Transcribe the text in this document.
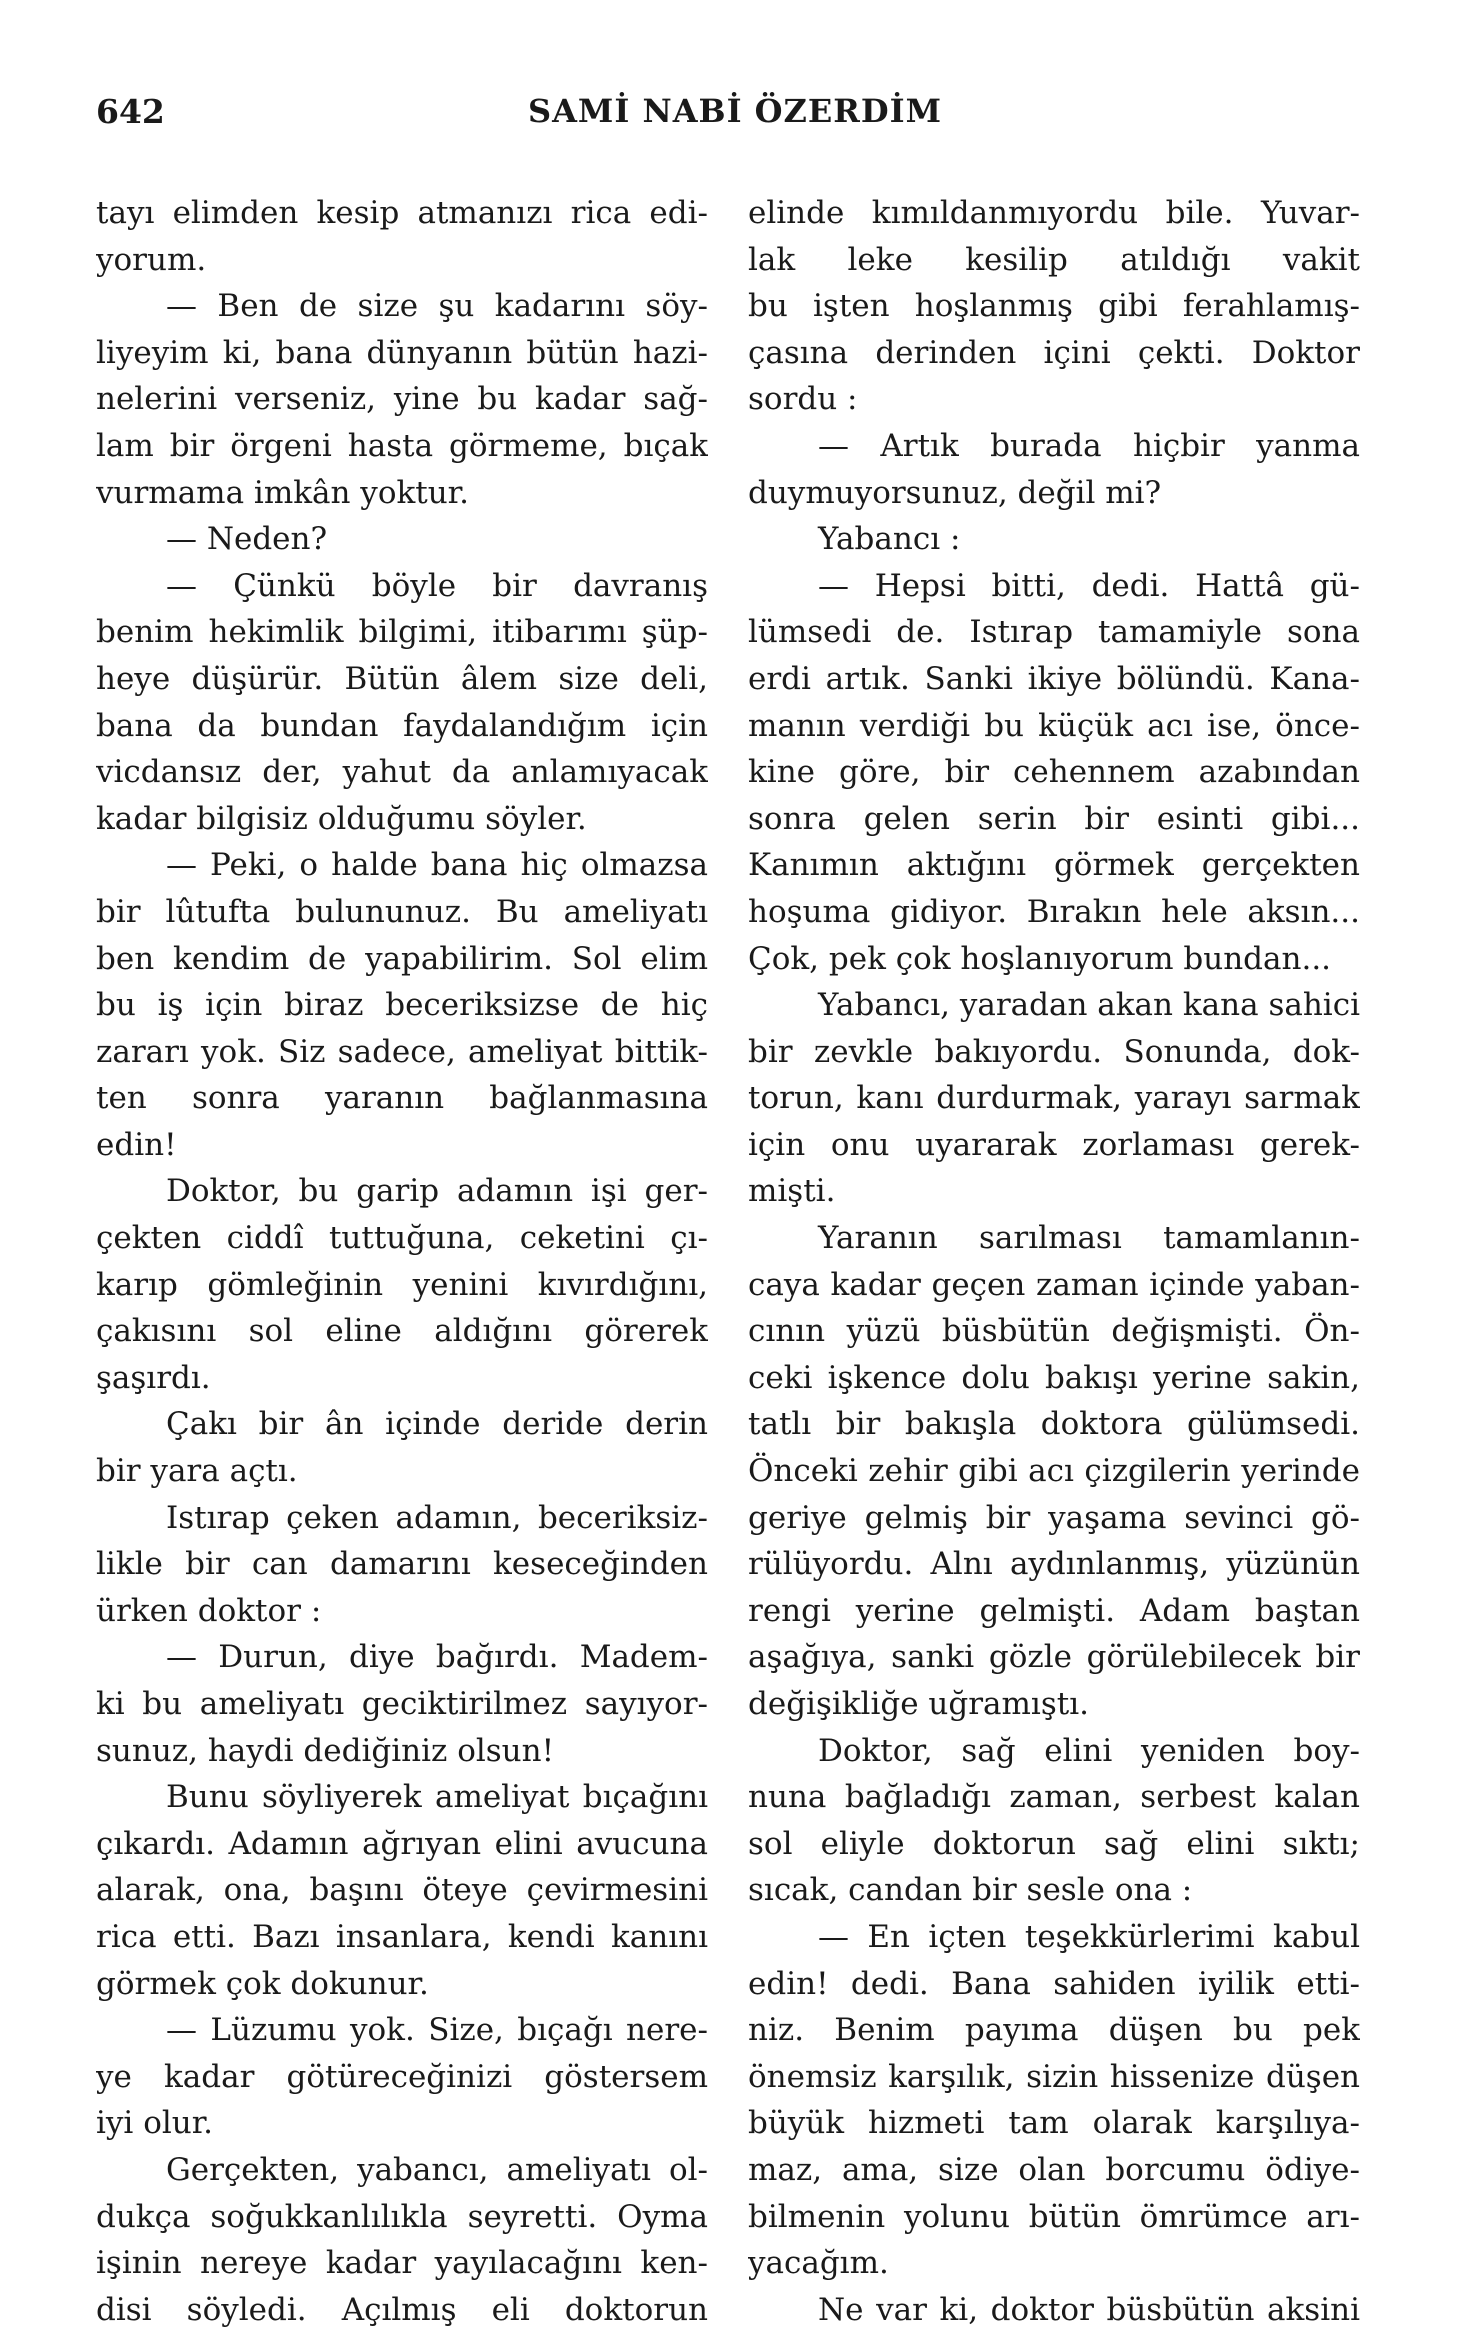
642	SAMİ NABİ ÖZERDİM
tayı elimden kesip atmanızı rica edi-
yorum.
— Ben de size şu kadarını söy-
liyeyim ki, bana dünyanın bütün hazi-
nelerini verseniz, yine bu kadar sağ-
lam bir örgeni hasta görmeme, bıçak
vurmama imkân yoktur.
— Neden?
— Çünkü böyle bir davranış
benim hekimlik bilgimi, itibarımı şüp-
heye düşürür. Bütün âlem size deli,
bana da bundan faydalandığım için
vicdansız der, yahut da anlamıyacak
kadar bilgisiz olduğumu söyler.
— Peki, o halde bana hiç olmazsa
bir lûtufta bulununuz. Bu ameliyatı
ben kendim de yapabilirim. Sol elim
bu iş için biraz beceriksizse de hiç
zararı yok. Siz sadece, ameliyat bittik-
ten sonra yaranın bağlanmasına
edin!
Doktor, bu garip adamın işi ger-
çekten ciddî tuttuğuna, ceketini çı-
karıp gömleğinin yenini kıvırdığını,
çakısını sol eline aldığını görerek
şaşırdı.
Çakı bir ân içinde deride derin
bir yara açtı.
Istırap çeken adamın, beceriksiz-
likle bir can damarını keseceğinden
ürken doktor :
— Durun, diye bağırdı. Madem-
ki bu ameliyatı geciktirilmez sayıyor-
sunuz, haydi dediğiniz olsun!
Bunu söyliyerek ameliyat bıçağını
çıkardı. Adamın ağrıyan elini avucuna
alarak, ona, başını öteye çevirmesini
rica etti. Bazı insanlara, kendi kanını
görmek çok dokunur.
— Lüzumu yok. Size, bıçağı nere-
ye kadar götüreceğinizi göstersem
iyi olur.
Gerçekten, yabancı, ameliyatı ol-
dukça soğukkanlılıkla seyretti. Oyma
işinin nereye kadar yayılacağını ken-
disi söyledi. Açılmış eli doktorun
elinde kımıldanmıyordu bile. Yuvar-
lak leke kesilip atıldığı vakit
bu işten hoşlanmış gibi ferahlamış-
çasına derinden içini çekti. Doktor
sordu :
— Artık burada hiçbir yanma
duymuyorsunuz, değil mi?
Yabancı :
— Hepsi bitti, dedi. Hattâ gü-
lümsedi de. Istırap tamamiyle sona
erdi artık. Sanki ikiye bölündü. Kana-
manın verdiği bu küçük acı ise, önce-
kine göre, bir cehennem azabından
sonra gelen serin bir esinti gibi...
Kanımın aktığını görmek gerçekten
hoşuma gidiyor. Bırakın hele aksın...
Çok, pek çok hoşlanıyorum bundan...
Yabancı, yaradan akan kana sahici
bir zevkle bakıyordu. Sonunda, dok-
torun, kanı durdurmak, yarayı sarmak
için onu uyararak zorlaması gerek-
mişti.
Yaranın sarılması tamamlanın-
caya kadar geçen zaman içinde yaban-
cının yüzü büsbütün değişmişti. Ön-
ceki işkence dolu bakışı yerine sakin,
tatlı bir bakışla doktora gülümsedi.
Önceki zehir gibi acı çizgilerin yerinde
geriye gelmiş bir yaşama sevinci gö-
rülüyordu. Alnı aydınlanmış, yüzünün
rengi yerine gelmişti. Adam baştan
aşağıya, sanki gözle görülebilecek bir
değişikliğe uğramıştı.
Doktor, sağ elini yeniden boy-
nuna bağladığı zaman, serbest kalan
sol eliyle doktorun sağ elini sıktı;
sıcak, candan bir sesle ona :
— En içten teşekkürlerimi kabul
edin! dedi. Bana sahiden iyilik etti-
niz. Benim payıma düşen bu pek
önemsiz karşılık, sizin hissenize düşen
büyük hizmeti tam olarak karşılıya-
maz, ama, size olan borcumu ödiye-
bilmenin yolunu bütün ömrümce arı-
yacağım.
Ne var ki, doktor büsbütün aksini
